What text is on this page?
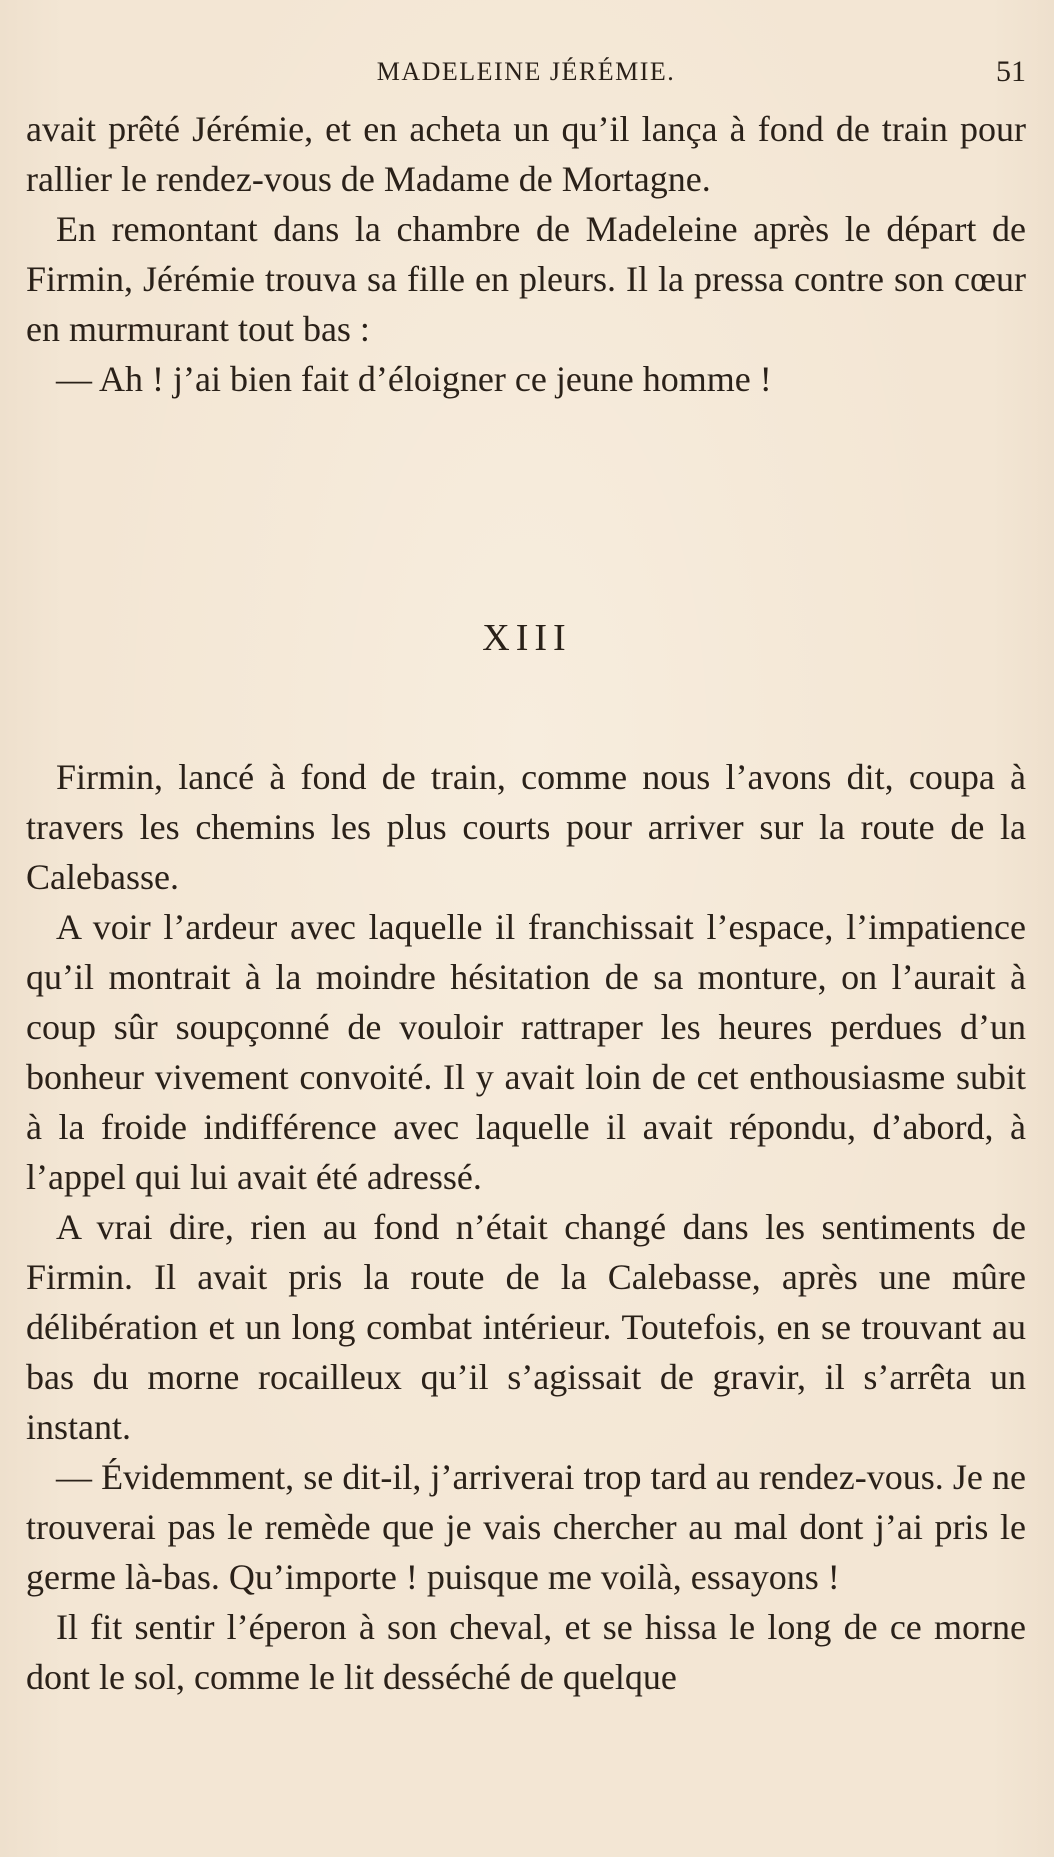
MADELEINE JÉRÉMIE.	51

avait prêté Jérémie, et en acheta un qu’il lança à fond de train pour rallier le rendez-vous de Madame de Mortagne.

En remontant dans la chambre de Madeleine après le départ de Firmin, Jérémie trouva sa fille en pleurs. Il la pressa contre son cœur en murmurant tout bas :

— Ah ! j’ai bien fait d’éloigner ce jeune homme !

XIII

Firmin, lancé à fond de train, comme nous l’avons dit, coupa à travers les chemins les plus courts pour arriver sur la route de la Calebasse.

A voir l’ardeur avec laquelle il franchissait l’espace, l’impatience qu’il montrait à la moindre hésitation de sa monture, on l’aurait à coup sûr soupçonné de vouloir rattraper les heures perdues d’un bonheur vivement convoité. Il y avait loin de cet enthousiasme subit à la froide indifférence avec laquelle il avait répondu, d’abord, à l’appel qui lui avait été adressé.

A vrai dire, rien au fond n’était changé dans les sentiments de Firmin. Il avait pris la route de la Calebasse, après une mûre délibération et un long combat intérieur. Toutefois, en se trouvant au bas du morne rocailleux qu’il s’agissait de gravir, il s’arrêta un instant.

— Évidemment, se dit-il, j’arriverai trop tard au rendez-vous. Je ne trouverai pas le remède que je vais chercher au mal dont j’ai pris le germe là-bas. Qu’importe ! puisque me voilà, essayons !

Il fit sentir l’éperon à son cheval, et se hissa le long de ce morne dont le sol, comme le lit desséché de quelque
